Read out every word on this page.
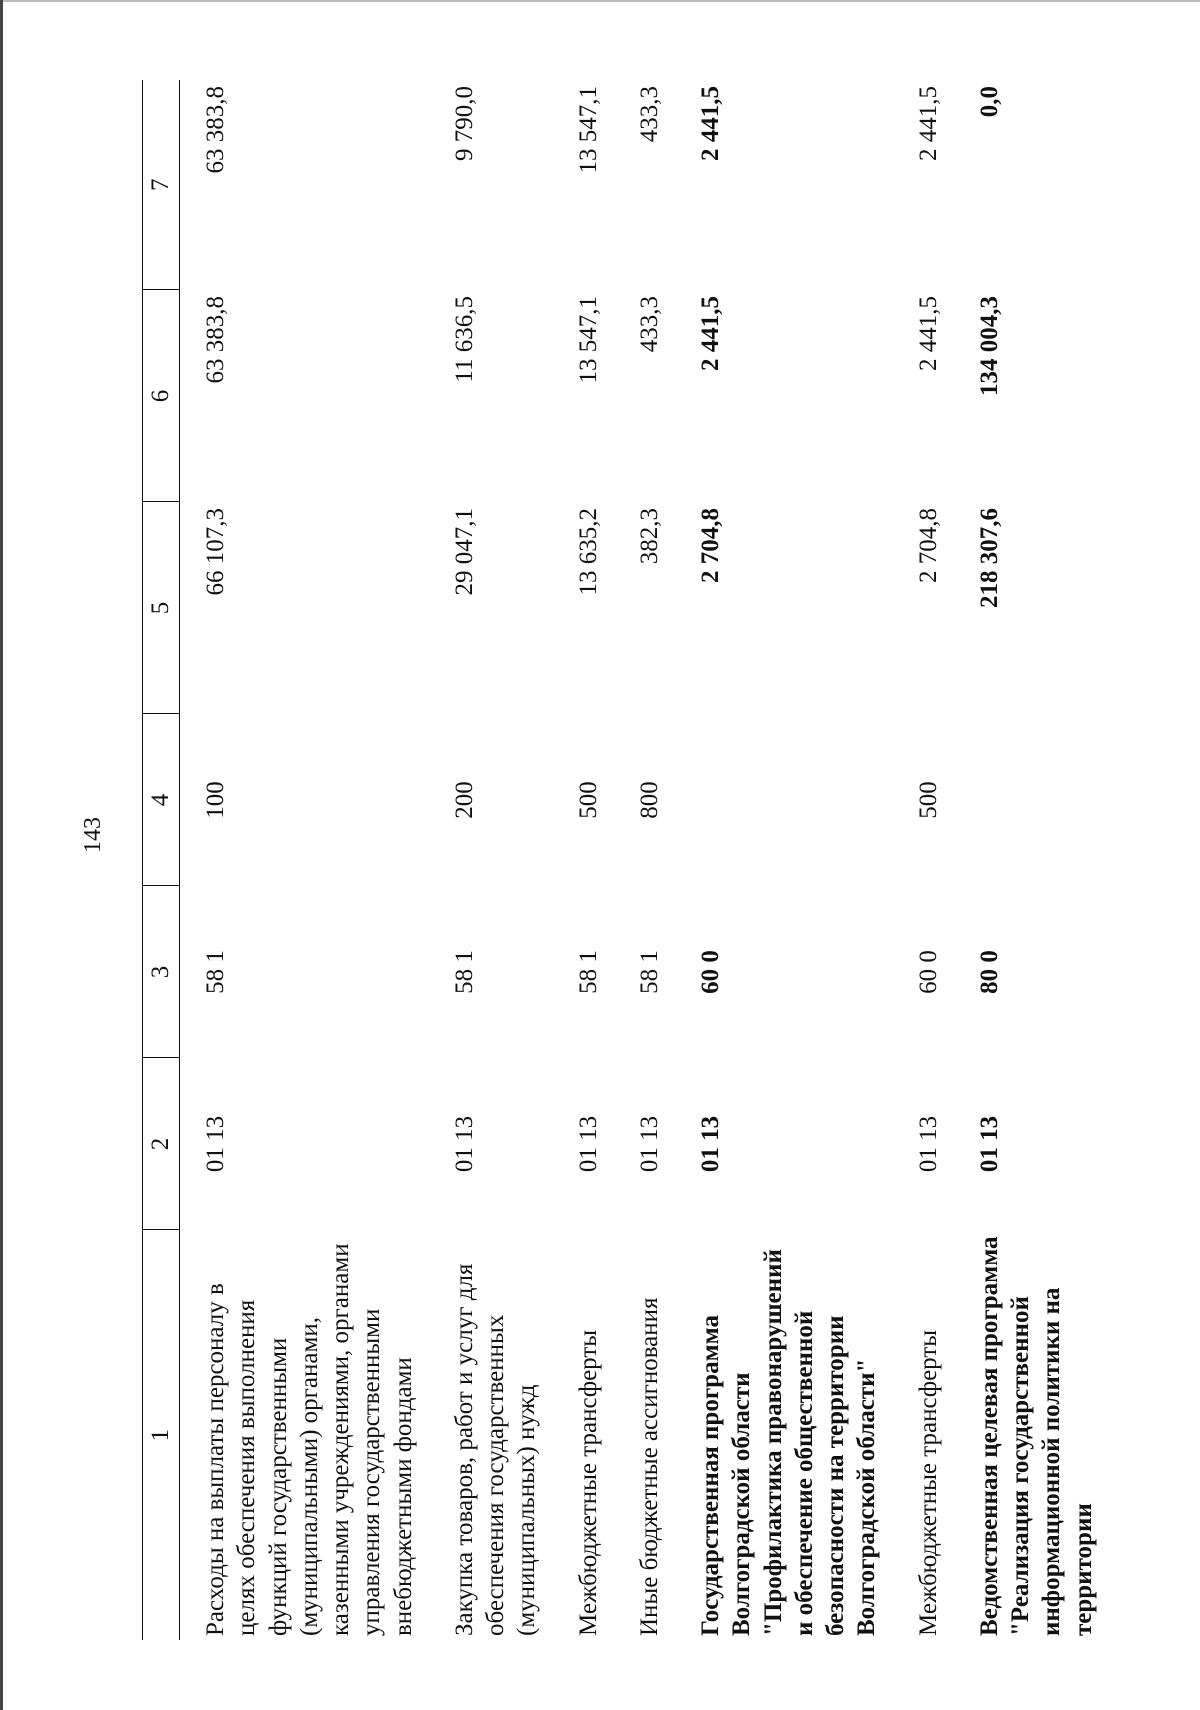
143
1	2	3	4	5	6	7
Расходы на выплаты персоналу в целях обеспечения выполнения функций государственными (муниципальными) органами, казенными учреждениями, органами управления государственными внебюджетными фондами	01 13	58 1	100	66 107,3	63 383,8	63 383,8
Закупка товаров, работ и услуг для обеспечения государственных (муниципальных) нужд	01 13	58 1	200	29 047,1	11 636,5	9 790,0
Межбюджетные трансферты	01 13	58 1	500	13 635,2	13 547,1	13 547,1
Иные бюджетные ассигнования	01 13	58 1	800	382,3	433,3	433,3
Государственная программа Волгоградской области "Профилактика правонарушений и обеспечение общественной безопасности на территории Волгоградской области"	01 13	60 0		2 704,8	2 441,5	2 441,5
Межбюджетные трансферты	01 13	60 0	500	2 704,8	2 441,5	2 441,5
Ведомственная целевая программа "Реализация государственной информационной политики на территории	01 13	80 0		218 307,6	134 004,3	0,0
